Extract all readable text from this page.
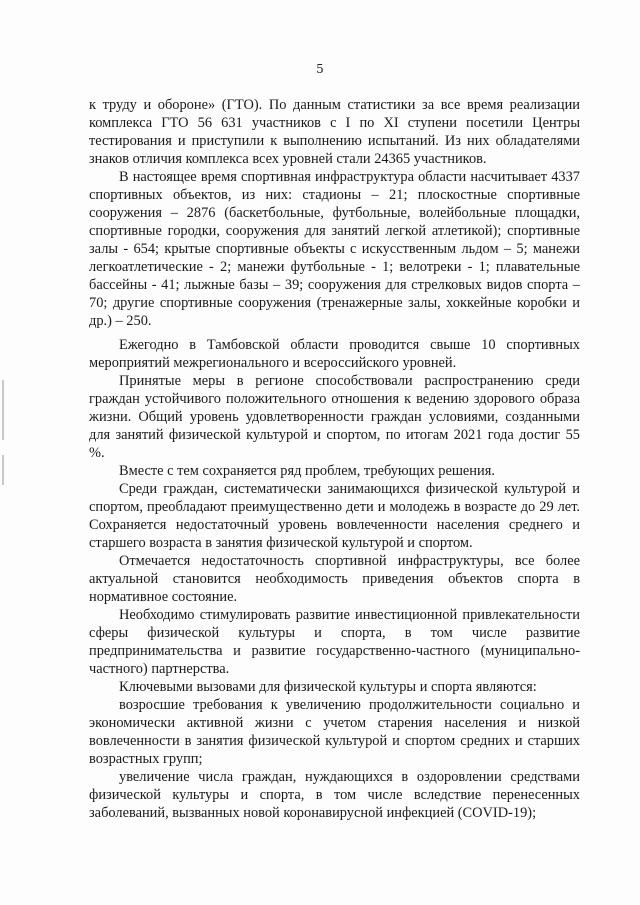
5

к труду и обороне» (ГТО). По данным статистики за все время реализации комплекса ГТО 56 631 участников с I по XI ступени посетили Центры тестирования и приступили к выполнению испытаний. Из них обладателями знаков отличия комплекса всех уровней стали 24365 участников.

В настоящее время спортивная инфраструктура области насчитывает 4337 спортивных объектов, из них: стадионы – 21; плоскостные спортивные сооружения – 2876 (баскетбольные, футбольные, волейбольные площадки, спортивные городки, сооружения для занятий легкой атлетикой); спортивные залы - 654; крытые спортивные объекты с искусственным льдом – 5; манежи легкоатлетические - 2; манежи футбольные - 1; велотреки - 1; плавательные бассейны - 41; лыжные базы – 39; сооружения для стрелковых видов спорта – 70; другие спортивные сооружения (тренажерные залы, хоккейные коробки и др.) – 250.

Ежегодно в Тамбовской области проводится свыше 10 спортивных мероприятий межрегионального и всероссийского уровней.

Принятые меры в регионе способствовали распространению среди граждан устойчивого положительного отношения к ведению здорового образа жизни. Общий уровень удовлетворенности граждан условиями, созданными для занятий физической культурой и спортом, по итогам 2021 года достиг 55 %.

Вместе с тем сохраняется ряд проблем, требующих решения.

Среди граждан, систематически занимающихся физической культурой и спортом, преобладают преимущественно дети и молодежь в возрасте до 29 лет. Сохраняется недостаточный уровень вовлеченности населения среднего и старшего возраста в занятия физической культурой и спортом.

Отмечается недостаточность спортивной инфраструктуры, все более актуальной становится необходимость приведения объектов спорта в нормативное состояние.

Необходимо стимулировать развитие инвестиционной привлекательности сферы физической культуры и спорта, в том числе развитие предпринимательства и развитие государственно-частного (муниципально-частного) партнерства.

Ключевыми вызовами для физической культуры и спорта являются:

возросшие требования к увеличению продолжительности социально и экономически активной жизни с учетом старения населения и низкой вовлеченности в занятия физической культурой и спортом средних и старших возрастных групп;

увеличение числа граждан, нуждающихся в оздоровлении средствами физической культуры и спорта, в том числе вследствие перенесенных заболеваний, вызванных новой коронавирусной инфекцией (COVID-19);
